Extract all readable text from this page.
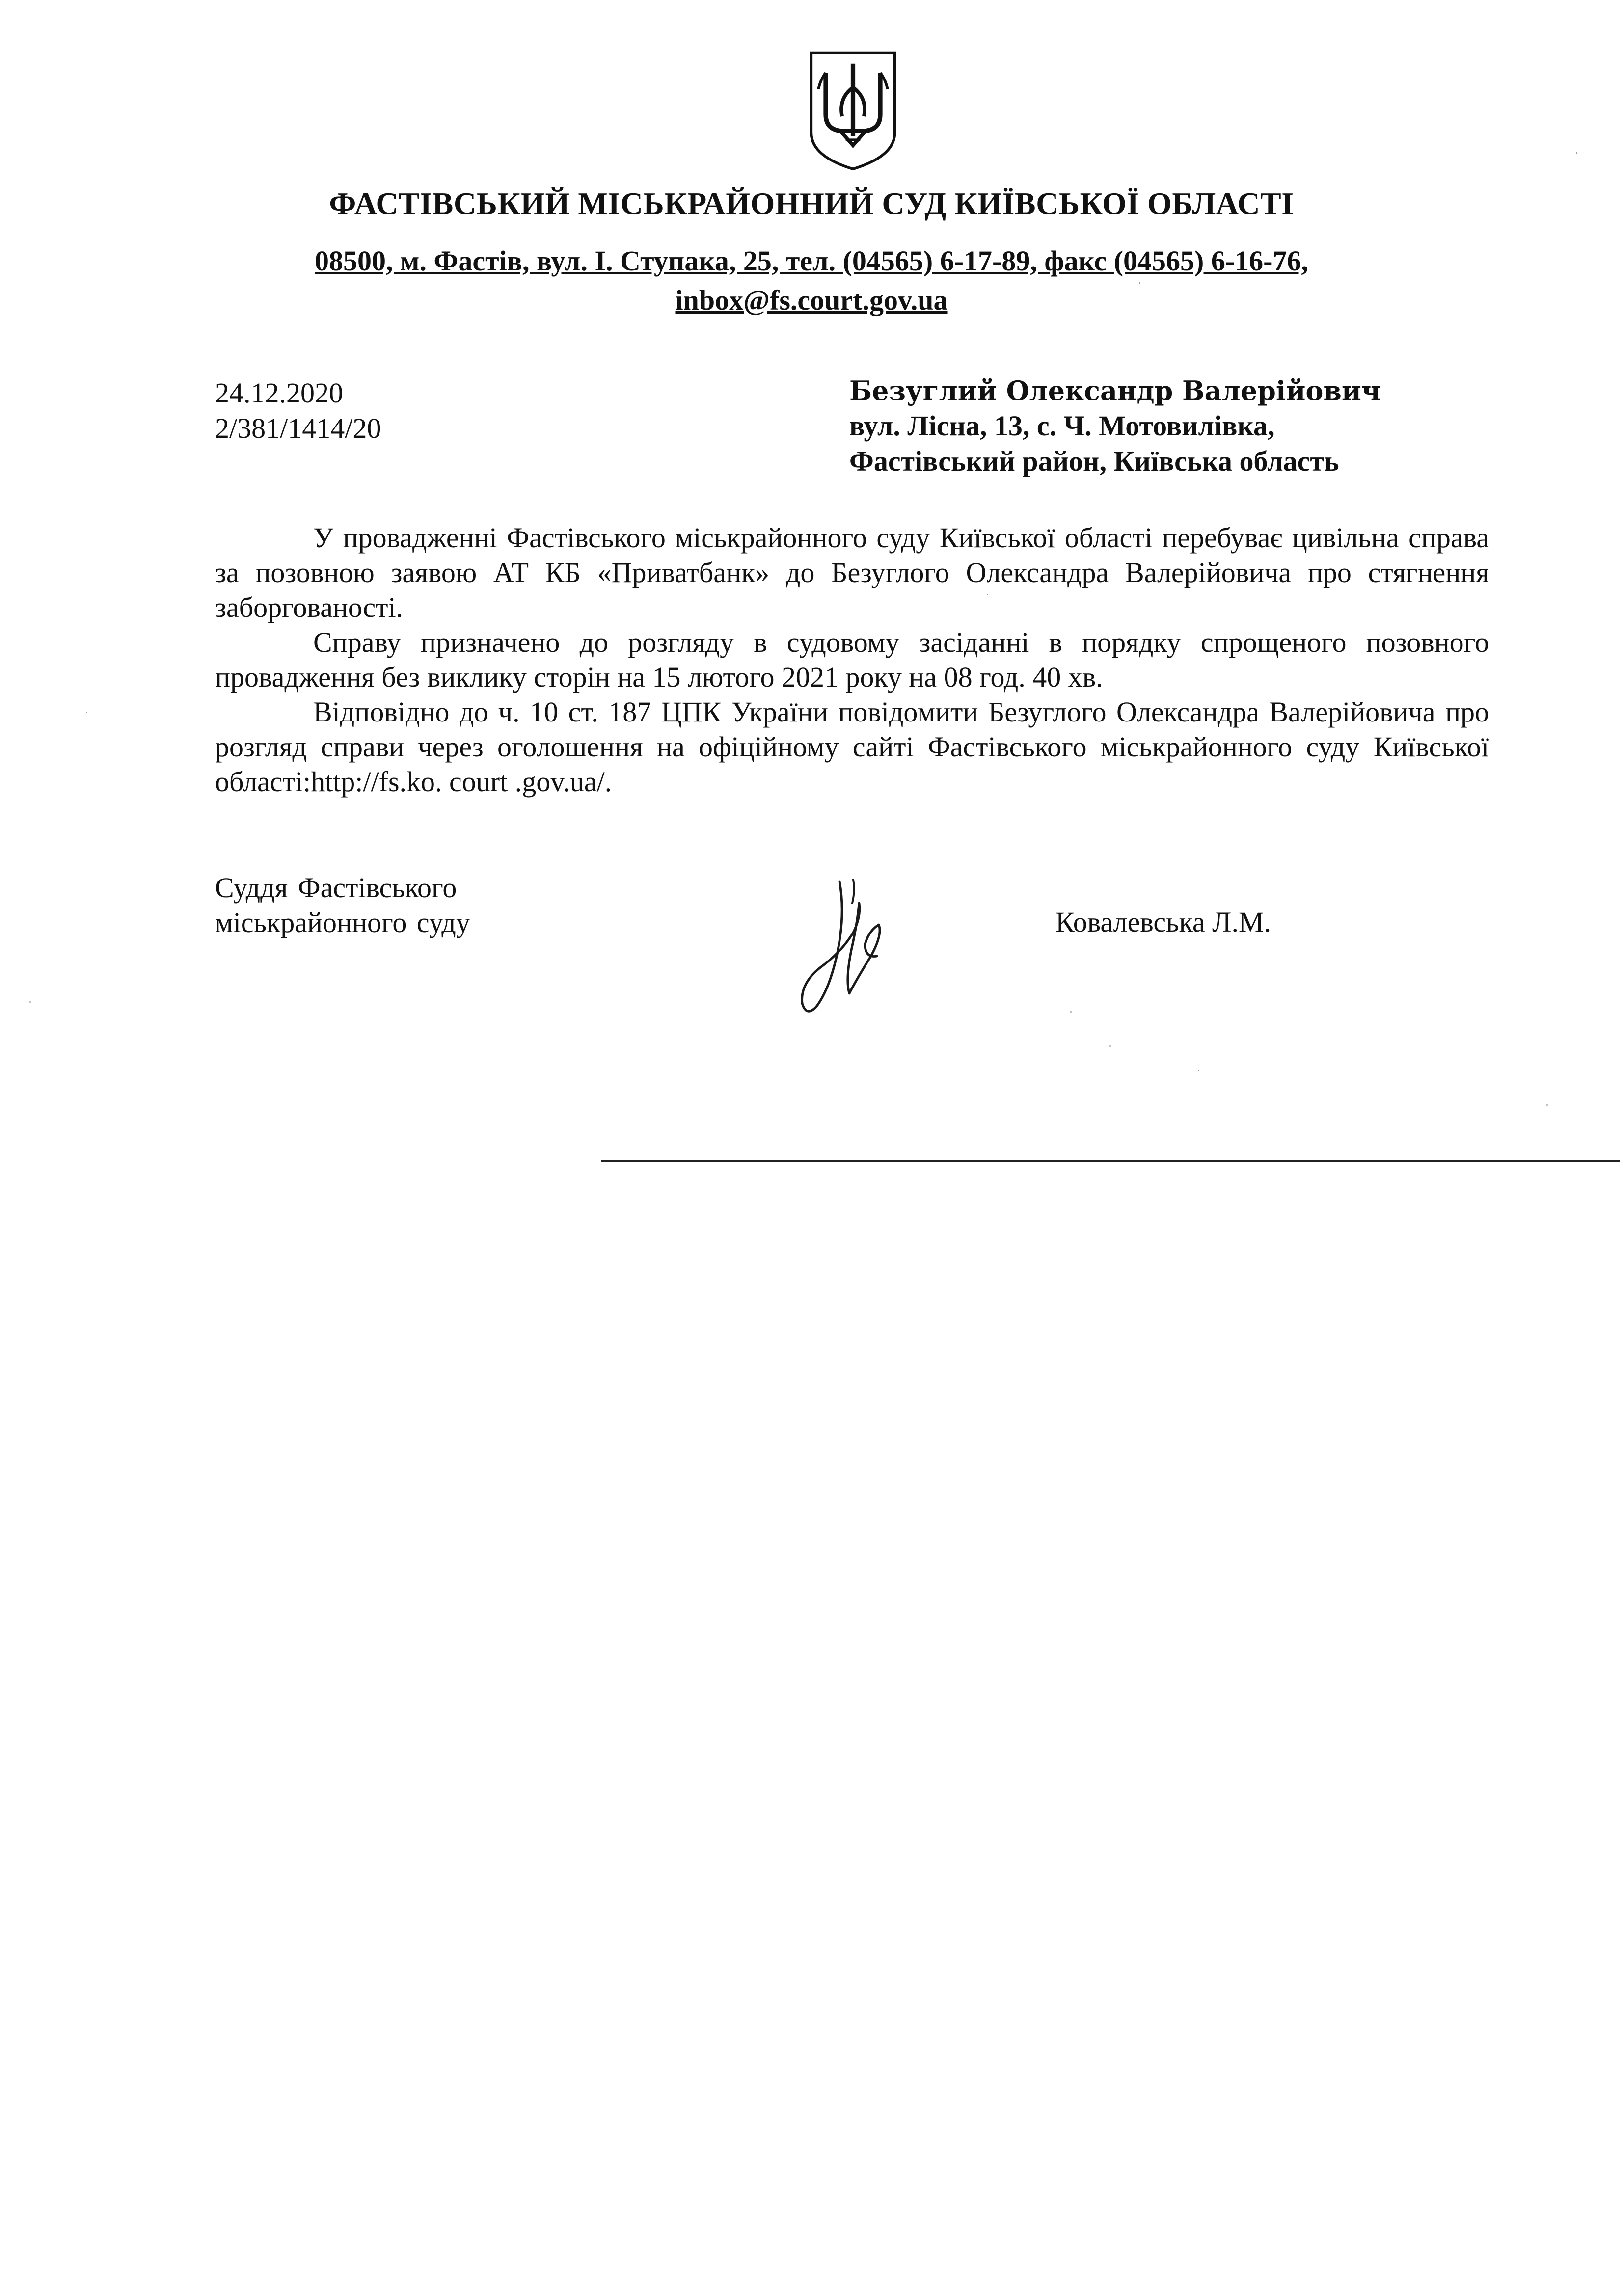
ФАСТІВСЬКИЙ МІСЬКРАЙОННИЙ СУД КИЇВСЬКОЇ ОБЛАСТІ
08500, м. Фастів, вул. І. Ступака, 25, тел. (04565) 6-17-89, факс (04565) 6-16-76,
inbox@fs.court.gov.ua
24.12.2020
2/381/1414/20
Безуглий Олександр Валерійович
вул. Лісна, 13, с. Ч. Мотовилівка,
Фастівський район, Київська область

У провадженні Фастівського міськрайонного суду Київської області перебуває цивільна справа за позовною заявою АТ КБ «Приватбанк» до Безуглого Олександра Валерійовича про стягнення заборгованості.

Справу призначено до розгляду в судовому засіданні в порядку спрощеного позовного провадження без виклику сторін на 15 лютого 2021 року на 08 год. 40 хв.

Відповідно до ч. 10 ст. 187 ЦПК України повідомити Безуглого Олександра Валерійовича про розгляд справи через оголошення на офіційному сайті Фастівського міськрайонного суду Київської області:http://fs.ko. court .gov.ua/.

Суддя Фастівського
міськрайонного суду	Ковалевська Л.М.
